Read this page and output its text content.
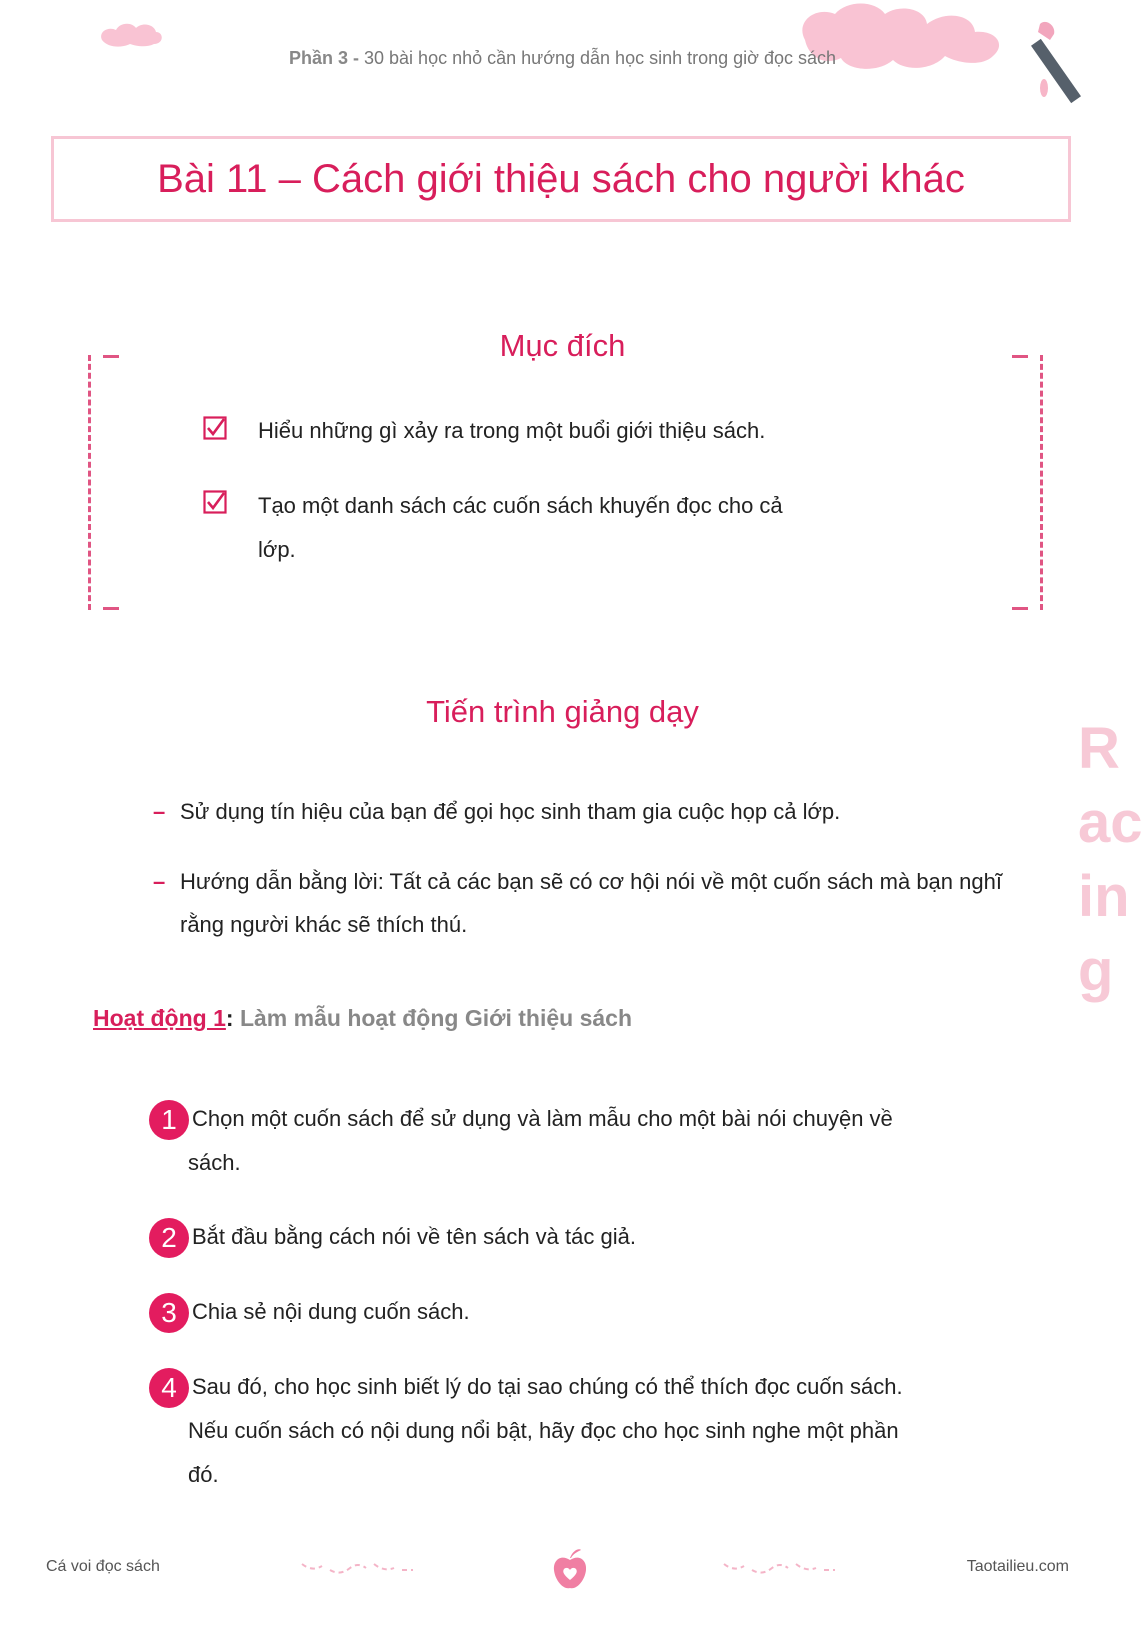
Phần 3 - 30 bài học nhỏ cần hướng dẫn học sinh trong giờ đọc sách
Bài 11 – Cách giới thiệu sách cho người khác
Mục đích
Hiểu những gì xảy ra trong một buổi giới thiệu sách.
Tạo một danh sách các cuốn sách khuyến đọc cho cả
lớp.
Tiến trình giảng dạy
– Sử dụng tín hiệu của bạn để gọi học sinh tham gia cuộc họp cả lớp.
– Hướng dẫn bằng lời: Tất cả các bạn sẽ có cơ hội nói về một cuốn sách mà bạn nghĩ rằng người khác sẽ thích thú.
Hoạt động 1: Làm mẫu hoạt động Giới thiệu sách
1 Chọn một cuốn sách để sử dụng và làm mẫu cho một bài nói chuyện về
sách.
2 Bắt đầu bằng cách nói về tên sách và tác giả.
3 Chia sẻ nội dung cuốn sách.
4 Sau đó, cho học sinh biết lý do tại sao chúng có thể thích đọc cuốn sách.
Nếu cuốn sách có nội dung nổi bật, hãy đọc cho học sinh nghe một phần
đó.
R
ac
in
g
Cá voi đọc sách	Taotailieu.com
